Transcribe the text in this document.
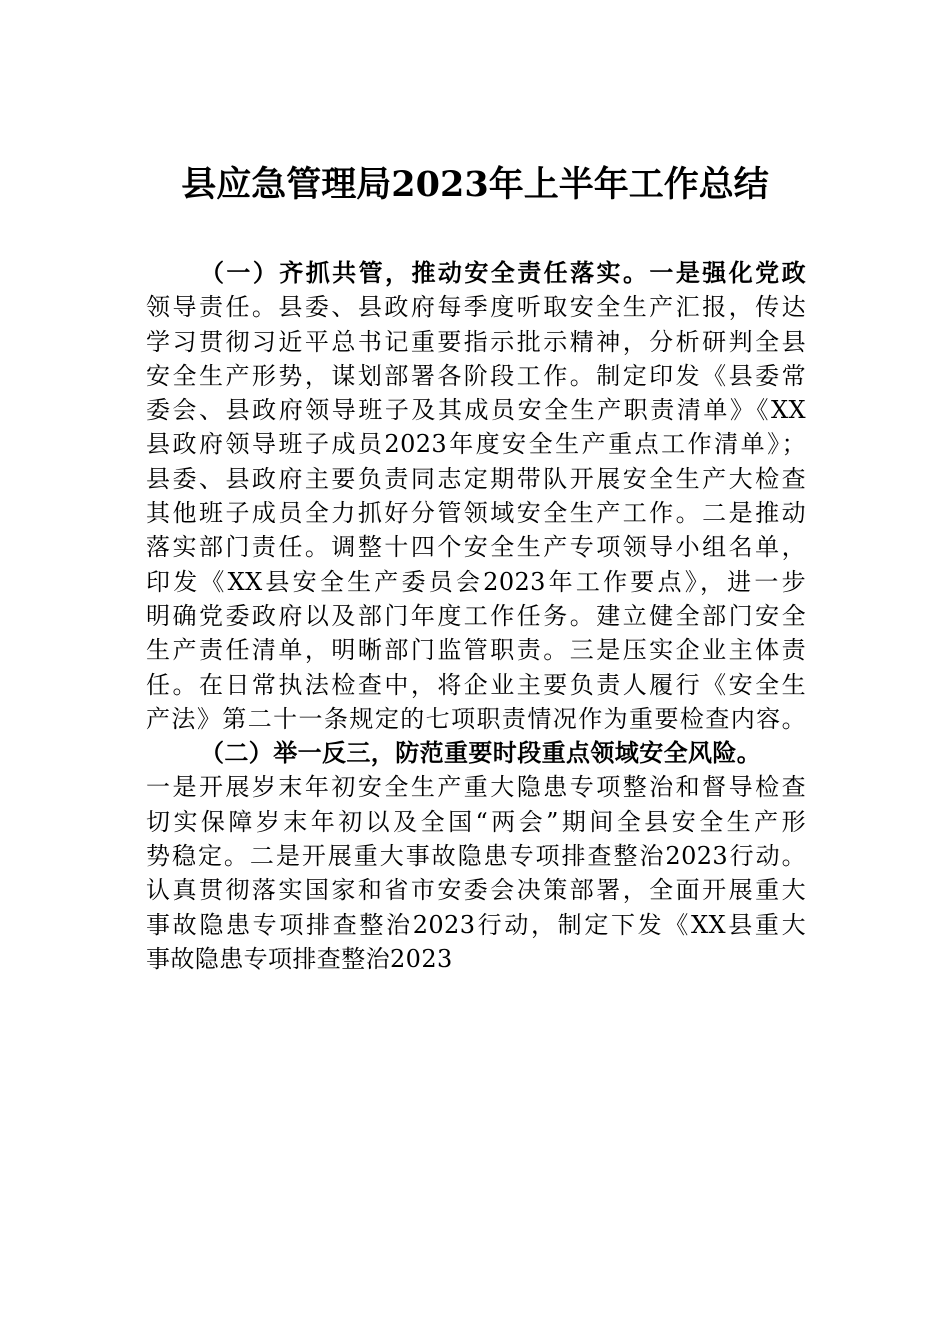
县应急管理局2023年上半年工作总结
（一）齐抓共管，推动安全责任落实。一是强化党政
领导责任。县委、县政府每季度听取安全生产汇报，传达
学习贯彻习近平总书记重要指示批示精神，分析研判全县
安全生产形势，谋划部署各阶段工作。制定印发《县委常
委会、县政府领导班子及其成员安全生产职责清单》《XX
县政府领导班子成员2023年度安全生产重点工作清单》；
县委、县政府主要负责同志定期带队开展安全生产大检查
其他班子成员全力抓好分管领域安全生产工作。二是推动
落实部门责任。调整十四个安全生产专项领导小组名单，
印发《XX县安全生产委员会2023年工作要点》，进一步
明确党委政府以及部门年度工作任务。建立健全部门安全
生产责任清单，明晰部门监管职责。三是压实企业主体责
任。在日常执法检查中，将企业主要负责人履行《安全生
产法》第二十一条规定的七项职责情况作为重要检查内容。
（二）举一反三，防范重要时段重点领域安全风险。
一是开展岁末年初安全生产重大隐患专项整治和督导检查
切实保障岁末年初以及全国“两会”期间全县安全生产形
势稳定。二是开展重大事故隐患专项排查整治2023行动。
认真贯彻落实国家和省市安委会决策部署，全面开展重大
事故隐患专项排查整治2023行动，制定下发《XX县重大
事故隐患专项排查整治2023
